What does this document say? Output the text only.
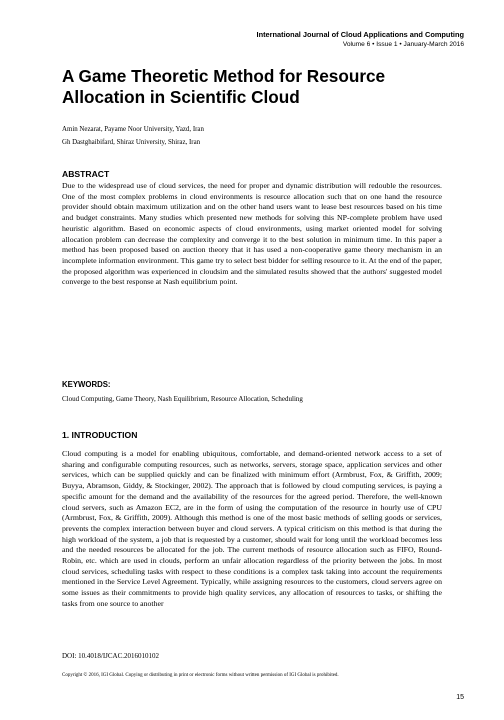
International Journal of Cloud Applications and Computing
Volume 6 • Issue 1 • January-March 2016
A Game Theoretic Method for Resource Allocation in Scientific Cloud
Amin Nezarat, Payame Noor University, Yazd, Iran
Gh Dastghaibifard, Shiraz University, Shiraz, Iran
ABSTRACT

Due to the widespread use of cloud services, the need for proper and dynamic distribution will redouble the resources. One of the most complex problems in cloud environments is resource allocation such that on one hand the resource provider should obtain maximum utilization and on the other hand users want to lease best resources based on his time and budget constraints. Many studies which presented new methods for solving this NP-complete problem have used heuristic algorithm. Based on economic aspects of cloud environments, using market oriented model for solving allocation problem can decrease the complexity and converge it to the best solution in minimum time. In this paper a method has been proposed based on auction theory that it has used a non-cooperative game theory mechanism in an incomplete information environment. This game try to select best bidder for selling resource to it. At the end of the paper, the proposed algorithm was experienced in cloudsim and the simulated results showed that the authors' suggested model converge to the best response at Nash equilibrium point.

KEYWORDS:

Cloud Computing, Game Theory, Nash Equilibrium, Resource Allocation, Scheduling

1. INTRODUCTION

Cloud computing is a model for enabling ubiquitous, comfortable, and demand-oriented network access to a set of sharing and configurable computing resources, such as networks, servers, storage space, application services and other services, which can be supplied quickly and can be finalized with minimum effort (Armbrust, Fox, & Griffith, 2009; Buyya, Abramson, Giddy, & Stockinger, 2002). The approach that is followed by cloud computing services, is paying a specific amount for the demand and the availability of the resources for the agreed period. Therefore, the well-known cloud servers, such as Amazon EC2, are in the form of using the computation of the resource in hourly use of CPU (Armbrust, Fox, & Griffith, 2009). Although this method is one of the most basic methods of selling goods or services, prevents the complex interaction between buyer and cloud servers. A typical criticism on this method is that during the high workload of the system, a job that is requested by a customer, should wait for long until the workload becomes less and the needed resources be allocated for the job. The current methods of resource allocation such as FIFO, Round-Robin, etc. which are used in clouds, perform an unfair allocation regardless of the priority between the jobs. In most cloud services, scheduling tasks with respect to these conditions is a complex task taking into account the requirements mentioned in the Service Level Agreement. Typically, while assigning resources to the customers, cloud servers agree on some issues as their commitments to provide high quality services, any allocation of resources to tasks, or shifting the tasks from one source to another

DOI: 10.4018/IJCAC.2016010102
Copyright © 2016, IGI Global. Copying or distributing in print or electronic forms without written permission of IGI Global is prohibited.
15
